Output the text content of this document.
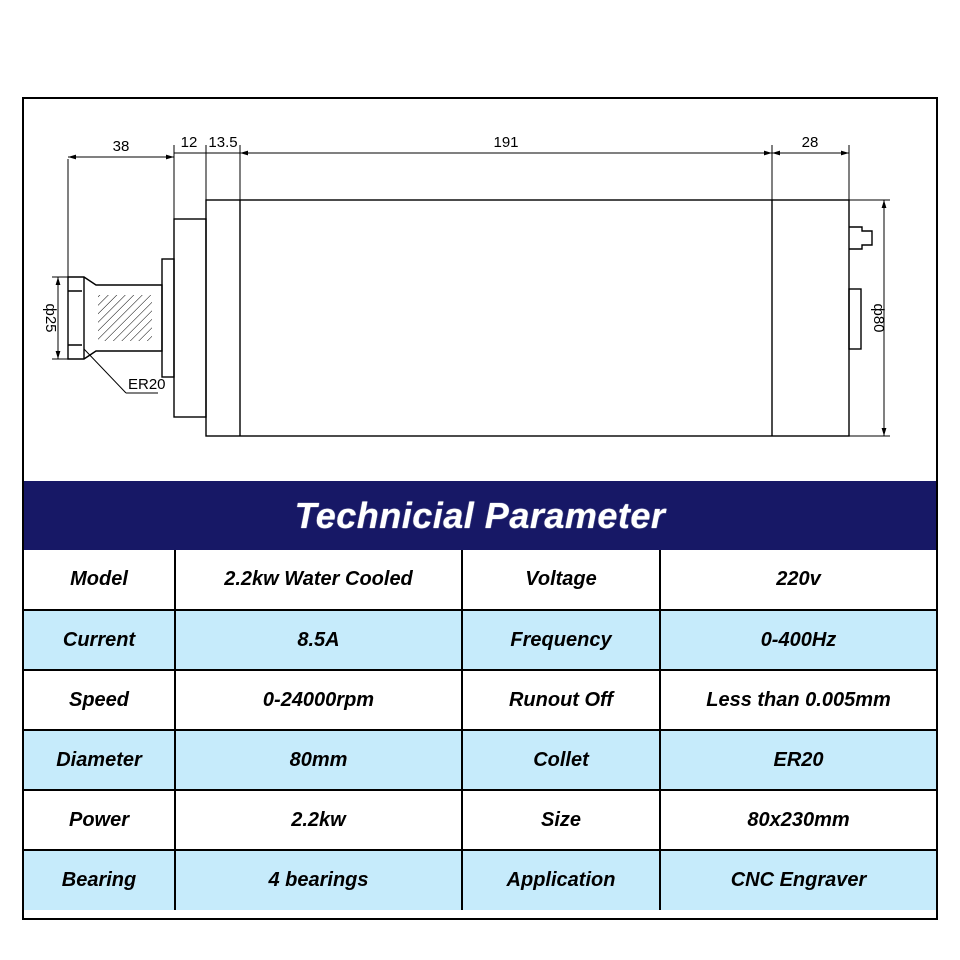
38	12 13.5	191	28
ф25	ф80
ER20
Technicial Parameter
Model	2.2kw Water Cooled	Voltage	220v
Current	8.5A	Frequency	0-400Hz
Speed	0-24000rpm	Runout Off	Less than 0.005mm
Diameter	80mm	Collet	ER20
Power	2.2kw	Size	80x230mm
Bearing	4 bearings	Application	CNC Engraver
